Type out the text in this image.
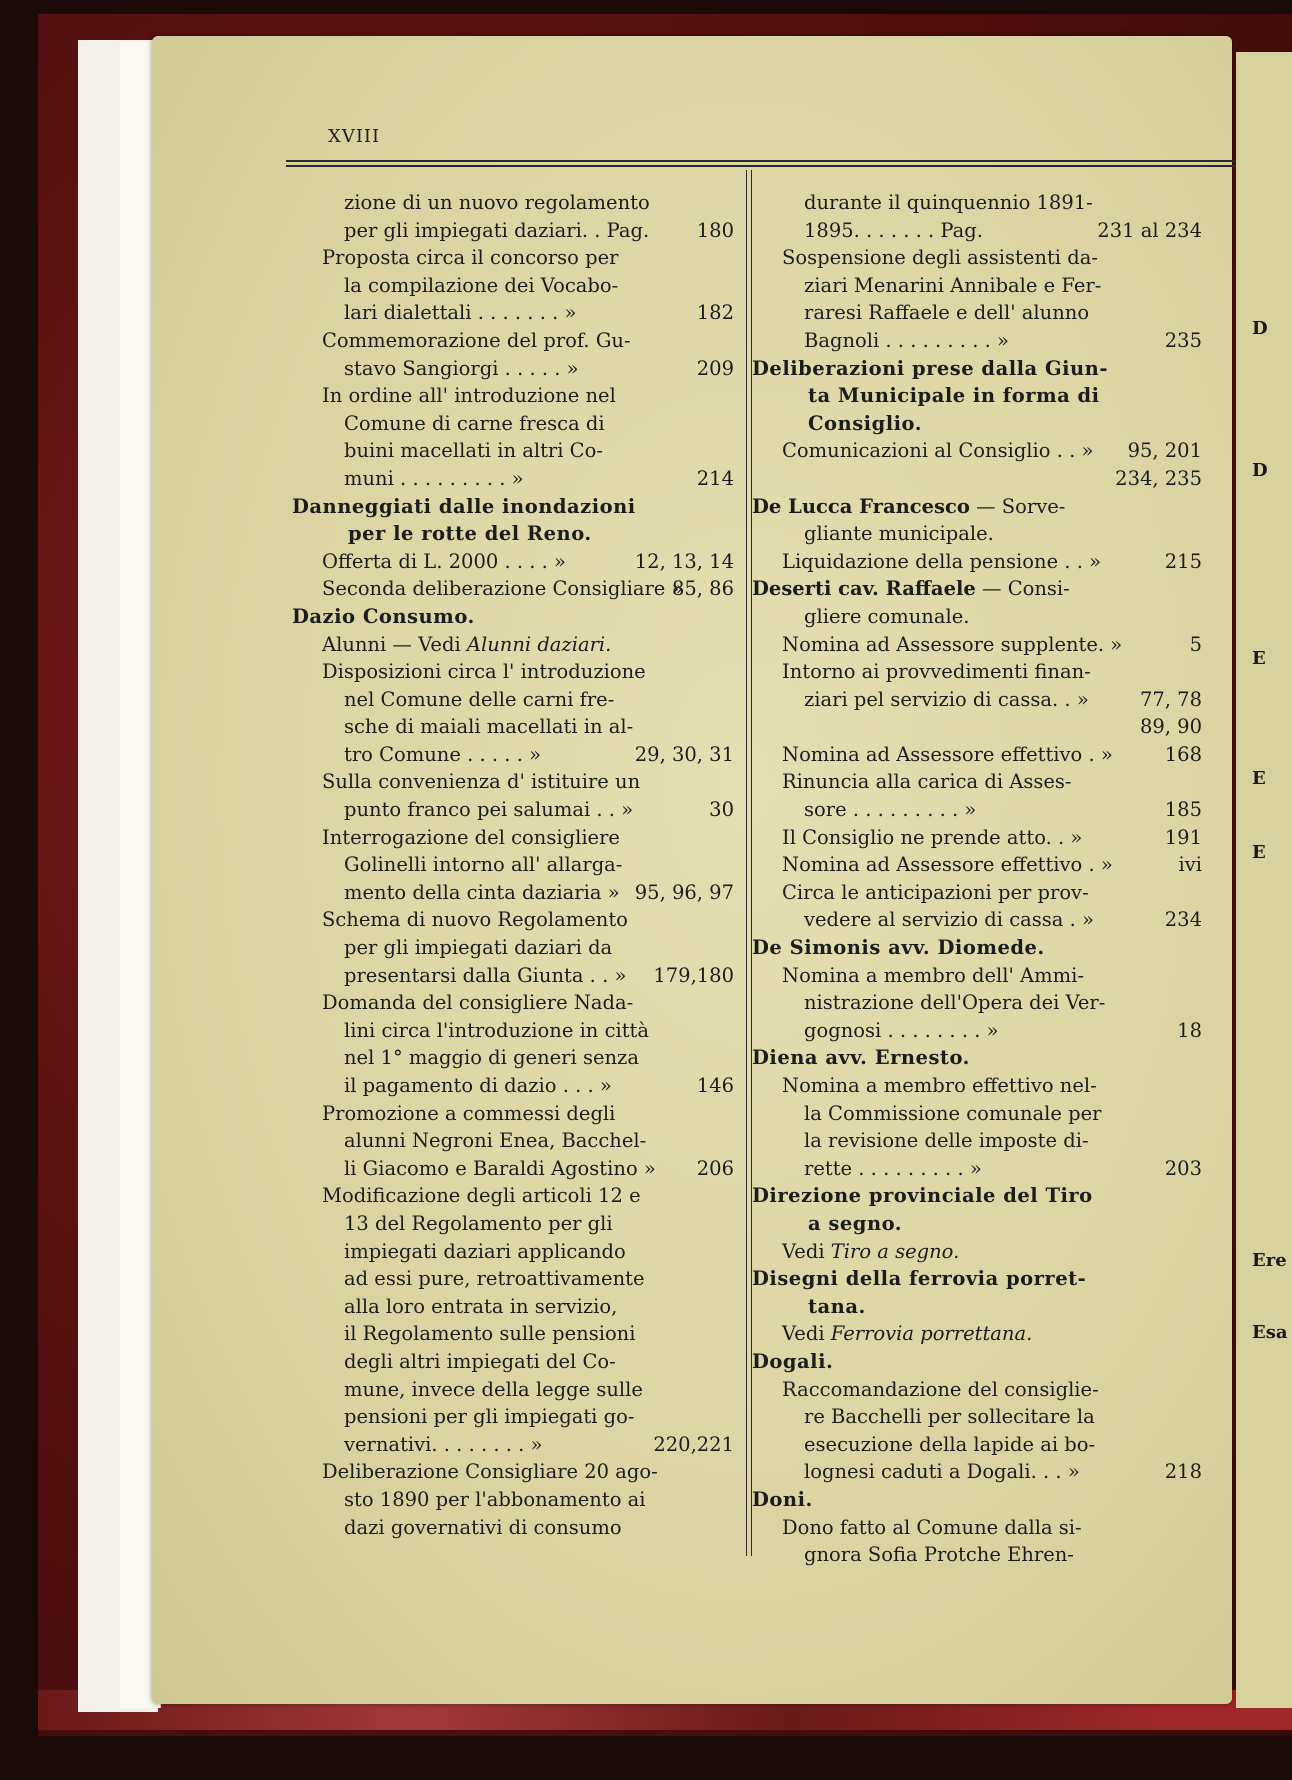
D
D
E
E
E
Ere
Esa
XVIII
zione di un nuovo regolamento
per gli impiegati daziari. . Pag. 180
Proposta circa il concorso per
la compilazione dei Vocabo-
lari dialettali . . . . . . . »	182
Commemorazione del prof. Gu-
stavo Sangiorgi . . . . . »	209
In ordine all' introduzione nel
Comune di carne fresca di
buini macellati in altri Co-
muni . . . . . . . . . »	214
Danneggiati dalle inondazioni
per le rotte del Reno.
Offerta di L. 2000 . . . . »	12, 13, 14
Seconda deliberazione Consigliare »
85, 86
Dazio Consumo.
Alunni — Vedi Alunni daziari.
Disposizioni circa l' introduzione
nel Comune delle carni fre-
sche di maiali macellati in al-
tro Comune . . . . . »	29, 30, 31
Sulla convenienza d' istituire un
punto franco pei salumai . . »	30
Interrogazione del consigliere
Golinelli intorno all' allarga-
mento della cinta daziaria » 95, 96, 97
Schema di nuovo Regolamento
per gli impiegati daziari da
presentarsi dalla Giunta . . » 179,180
Domanda del consigliere Nada-
lini circa l'introduzione in città
nel 1° maggio di generi senza
il pagamento di dazio . . . »	146
Promozione a commessi degli
alunni Negroni Enea, Bacchel-
li Giacomo e Baraldi Agostino » 206
Modificazione degli articoli 12 e
13 del Regolamento per gli
impiegati daziari applicando
ad essi pure, retroattivamente
alla loro entrata in servizio,
il Regolamento sulle pensioni
degli altri impiegati del Co-
mune, invece della legge sulle
pensioni per gli impiegati go-
vernativi. . . . . . . . »	220,221
Deliberazione Consigliare 20 ago-
sto 1890 per l'abbonamento ai
dazi governativi di consumo
durante il quinquennio 1891-
1895. . . . . . . Pag.	231 al 234
Sospensione degli assistenti da-
ziari Menarini Annibale e Fer-
raresi Raffaele e dell' alunno
Bagnoli . . . . . . . . . »	235
Deliberazioni prese dalla Giun-
ta Municipale in forma di
Consiglio.
Comunicazioni al Consiglio . . » 95, 201
234, 235
De Lucca Francesco — Sorve-
gliante municipale.
Liquidazione della pensione . . »	215
Deserti cav. Raffaele — Consi-
gliere comunale.
Nomina ad Assessore supplente. »	5
Intorno ai provvedimenti finan-
ziari pel servizio di cassa. . »	77, 78
89, 90
Nomina ad Assessore effettivo . »	168
Rinuncia alla carica di Asses-
sore . . . . . . . . . »	185
Il Consiglio ne prende atto. . »	191
Nomina ad Assessore effettivo . »	ivi
Circa le anticipazioni per prov-
vedere al servizio di cassa . »	234
De Simonis avv. Diomede.
Nomina a membro dell' Ammi-
nistrazione dell'Opera dei Ver-
gognosi . . . . . . . . »	18
Diena avv. Ernesto.
Nomina a membro effettivo nel-
la Commissione comunale per
la revisione delle imposte di-
rette . . . . . . . . . »	203
Direzione provinciale del Tiro
a segno.
Vedi Tiro a segno.
Disegni della ferrovia porret-
tana.
Vedi Ferrovia porrettana.
Dogali.
Raccomandazione del consiglie-
re Bacchelli per sollecitare la
esecuzione della lapide ai bo-
lognesi caduti a Dogali. . . »	218
Doni.
Dono fatto al Comune dalla si-
gnora Sofia Protche Ehren-
